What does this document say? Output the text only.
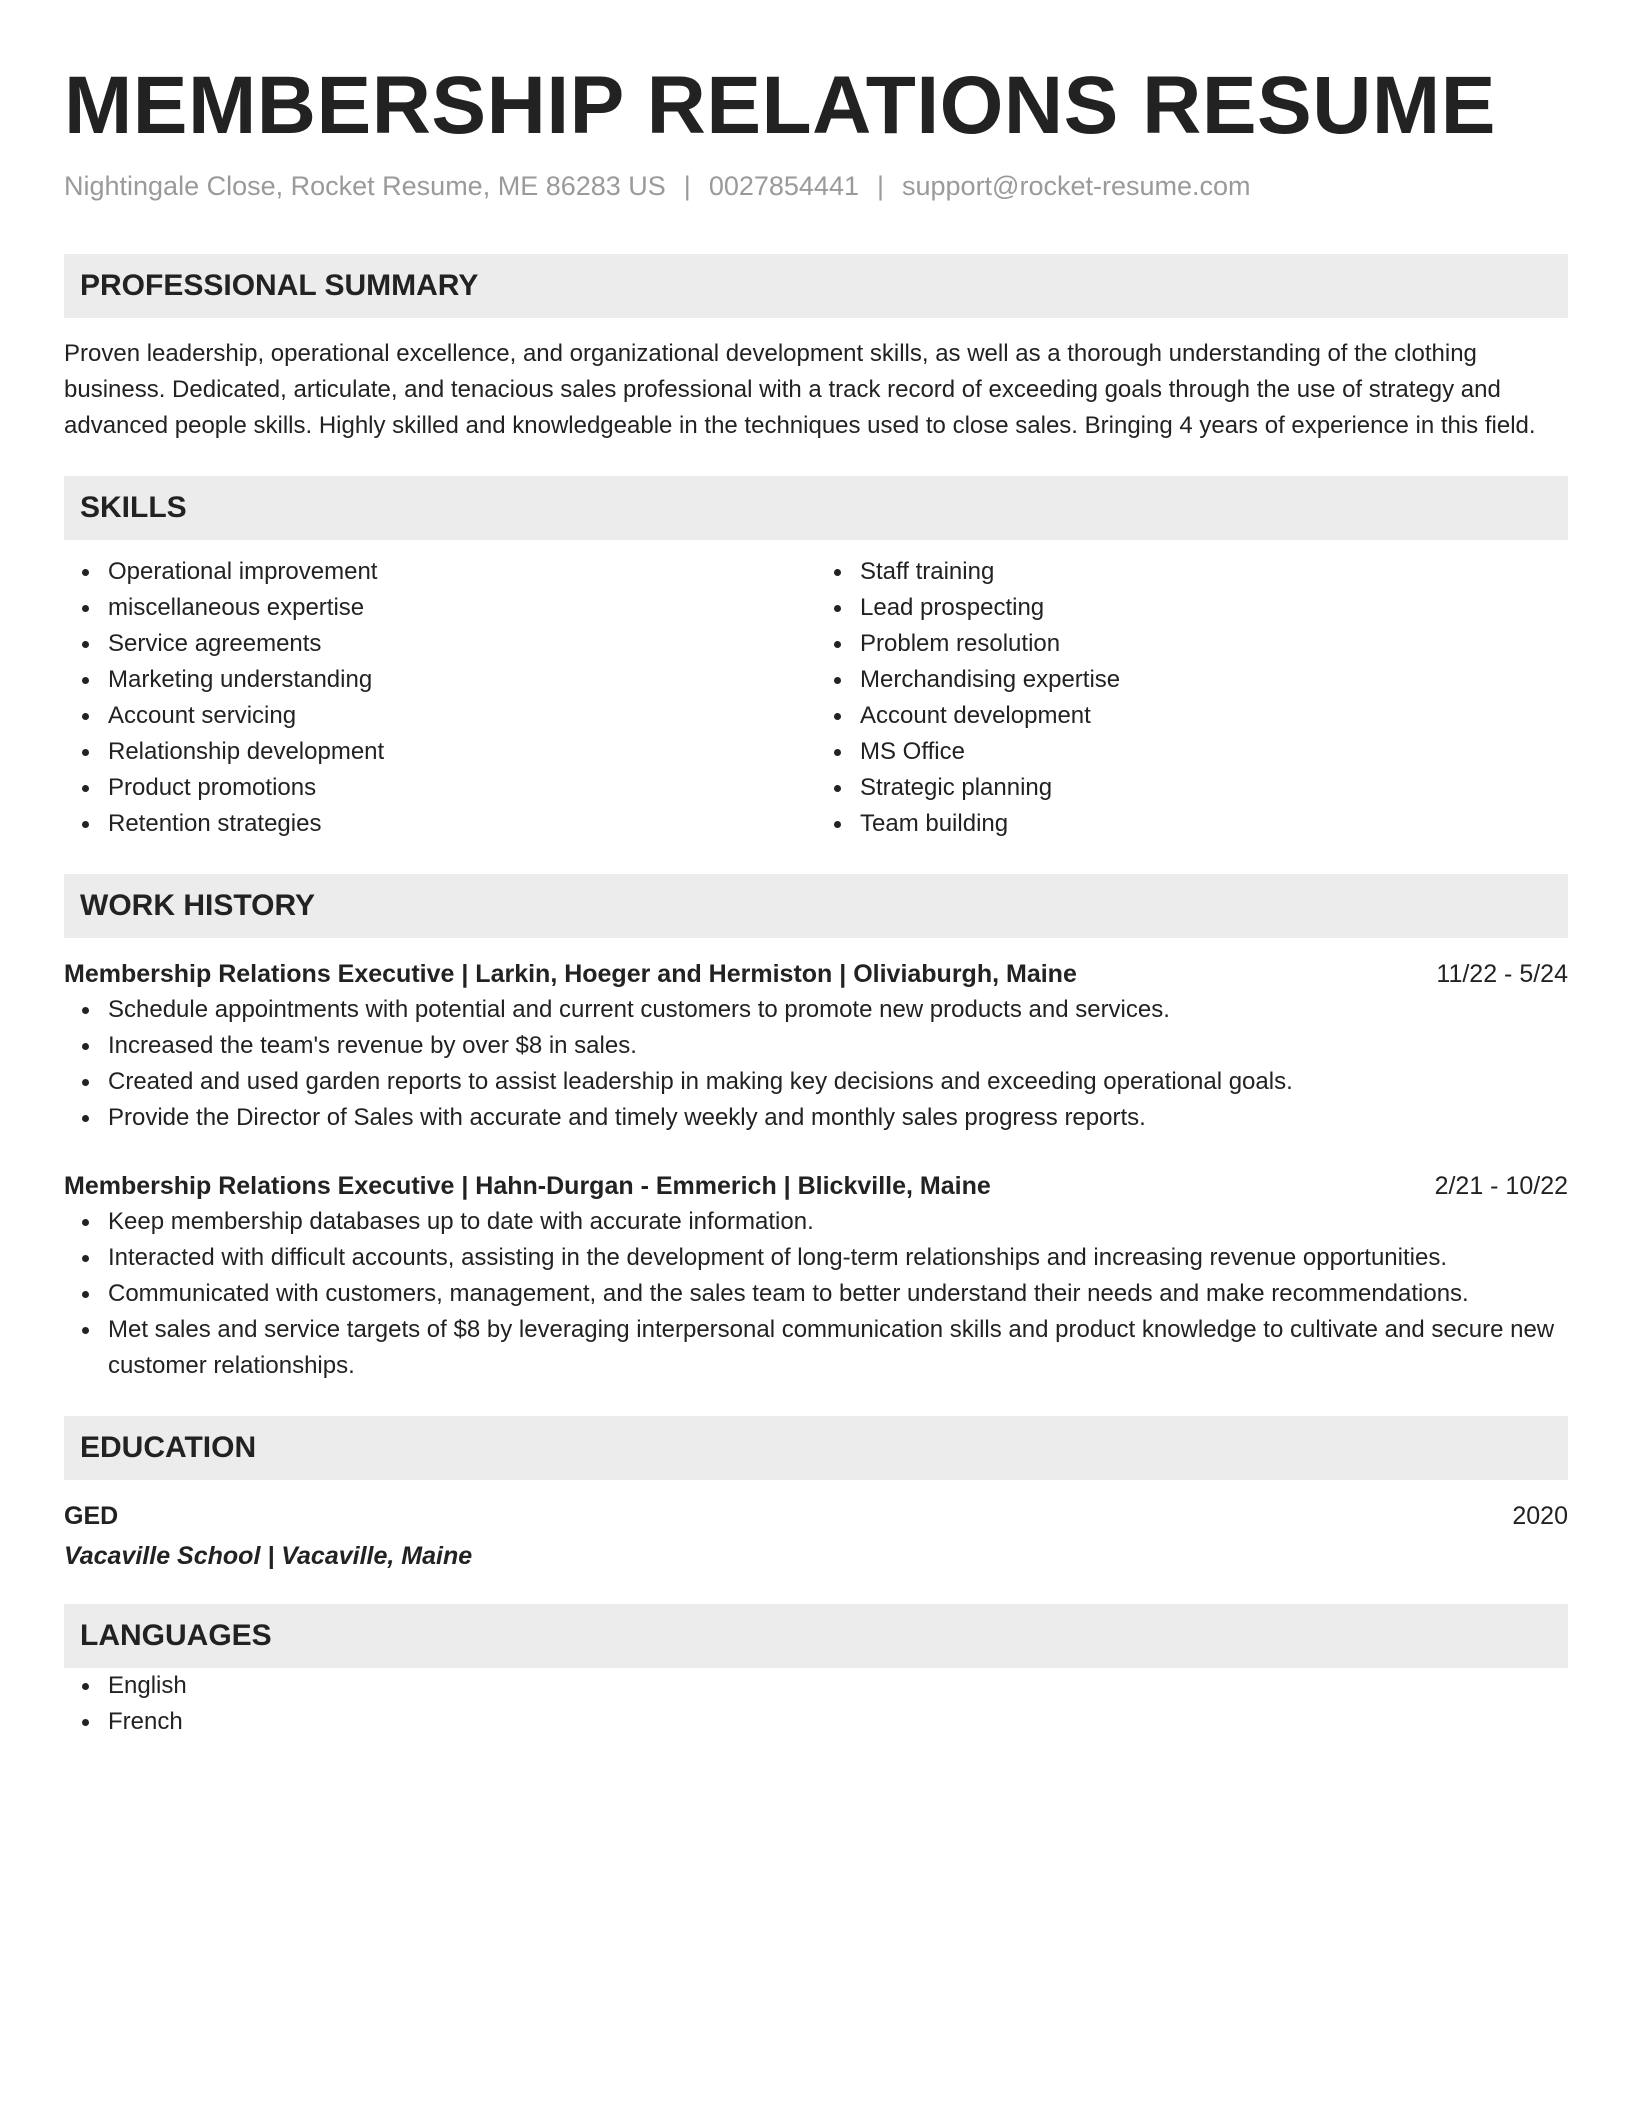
MEMBERSHIP RELATIONS RESUME
Nightingale Close, Rocket Resume, ME 86283 US | 0027854441 | support@rocket-resume.com
PROFESSIONAL SUMMARY

Proven leadership, operational excellence, and organizational development skills, as well as a thorough understanding of the clothing business. Dedicated, articulate, and tenacious sales professional with a track record of exceeding goals through the use of strategy and advanced people skills. Highly skilled and knowledgeable in the techniques used to close sales. Bringing 4 years of experience in this field.

SKILLS
Operational improvement
miscellaneous expertise
Service agreements
Marketing understanding
Account servicing
Relationship development
Product promotions
Retention strategies
Staff training
Lead prospecting
Problem resolution
Merchandising expertise
Account development
MS Office
Strategic planning
Team building
WORK HISTORY
Membership Relations Executive | Larkin, Hoeger and Hermiston | Oliviaburgh, Maine	11/22 - 5/24
Schedule appointments with potential and current customers to promote new products and services.
Increased the team's revenue by over $8 in sales.
Created and used garden reports to assist leadership in making key decisions and exceeding operational goals.
Provide the Director of Sales with accurate and timely weekly and monthly sales progress reports.
Membership Relations Executive | Hahn-Durgan - Emmerich | Blickville, Maine	2/21 - 10/22
Keep membership databases up to date with accurate information.
Interacted with difficult accounts, assisting in the development of long-term relationships and increasing revenue opportunities.
Communicated with customers, management, and the sales team to better understand their needs and make recommendations.
Met sales and service targets of $8 by leveraging interpersonal communication skills and product knowledge to cultivate and secure new customer relationships.
EDUCATION
GED	2020
Vacaville School | Vacaville, Maine
LANGUAGES
English
French
